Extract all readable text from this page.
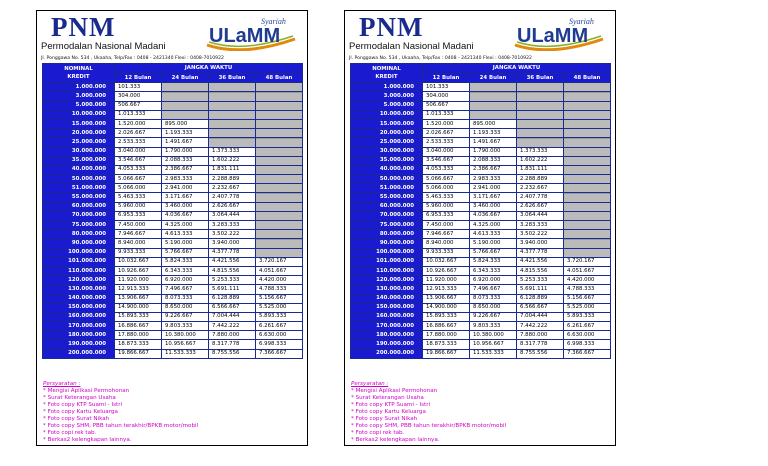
PNM
Permodalan Nasional Madani
Syariah
ULaMM
Jl. Ponggawa No. 534 , Ukaaha, Telp/Fax : 0408 - 2421340 Flexi : 0408-7010922
NOMINAL
KREDIT	JANGKA WAKTU			
	12 Bulan	24 Bulan	36 Bulan	48 Bulan
1.000.000	101.333			
3.000.000	304.000			
5.000.000	506.667			
10.000.000	1.013.333			
15.000.000	1.520.000	895.000		
20.000.000	2.026.667	1.193.333		
25.000.000	2.533.333	1.491.667		
30.000.000	3.040.000	1.790.000	1.373.333	
35.000.000	3.546.667	2.088.333	1.602.222	
40.000.000	4.053.333	2.386.667	1.831.111	
50.000.000	5.066.667	2.983.333	2.288.889	
51.000.000	5.066.000	2.941.000	2.232.667	
55.000.000	5.463.333	3.171.667	2.407.778	
60.000.000	5.960.000	3.460.000	2.626.667	
70.000.000	6.953.333	4.036.667	3.064.444	
75.000.000	7.450.000	4.325.000	3.283.333	
80.000.000	7.946.667	4.613.333	3.502.222	
90.000.000	8.940.000	5.190.000	3.940.000	
100.000.000	9.933.333	5.766.667	4.377.778	
101.000.000	10.032.667	5.824.333	4.421.556	3.720.167
110.000.000	10.926.667	6.343.333	4.815.556	4.051.667
120.000.000	11.920.000	6.920.000	5.253.333	4.420.000
130.000.000	12.913.333	7.496.667	5.691.111	4.788.333
140.000.000	13.906.667	8.073.333	6.128.889	5.156.667
150.000.000	14.900.000	8.650.000	6.566.667	5.525.000
160.000.000	15.893.333	9.226.667	7.004.444	5.893.333
170.000.000	16.886.667	9.803.333	7.442.222	6.261.667
180.000.000	17.880.000	10.380.000	7.880.000	6.630.000
190.000.000	18.873.333	10.956.667	8.317.778	6.998.333
200.000.000	19.866.667	11.533.333	8.755.556	7.366.667
Persyaratan :
* Mengisi Aplikasi Permohonan
* Surat Keterangan Usaha
* Foto copy KTP Suami - Istri
* Foto copy Kartu Keluarga
* Foto copy Surat Nikah
* Foto copy SHM, PBB tahun terakhir/BPKB motor/mobil
* Foto copi rek tab.
* Berkas2 kelengkapan lainnya.
PNM
Permodalan Nasional Madani
Syariah
ULaMM
Jl. Ponggawa No. 534 , Ukaaha, Telp/Fax : 0408 - 2421340 Flexi : 0408-7010922
NOMINAL
KREDIT	JANGKA WAKTU			
	12 Bulan	24 Bulan	36 Bulan	48 Bulan
1.000.000	101.333			
3.000.000	304.000			
5.000.000	506.667			
10.000.000	1.013.333			
15.000.000	1.520.000	895.000		
20.000.000	2.026.667	1.193.333		
25.000.000	2.533.333	1.491.667		
30.000.000	3.040.000	1.790.000	1.373.333	
35.000.000	3.546.667	2.088.333	1.602.222	
40.000.000	4.053.333	2.386.667	1.831.111	
50.000.000	5.066.667	2.983.333	2.288.889	
51.000.000	5.066.000	2.941.000	2.232.667	
55.000.000	5.463.333	3.171.667	2.407.778	
60.000.000	5.960.000	3.460.000	2.626.667	
70.000.000	6.953.333	4.036.667	3.064.444	
75.000.000	7.450.000	4.325.000	3.283.333	
80.000.000	7.946.667	4.613.333	3.502.222	
90.000.000	8.940.000	5.190.000	3.940.000	
100.000.000	9.933.333	5.766.667	4.377.778	
101.000.000	10.032.667	5.824.333	4.421.556	3.720.167
110.000.000	10.926.667	6.343.333	4.815.556	4.051.667
120.000.000	11.920.000	6.920.000	5.253.333	4.420.000
130.000.000	12.913.333	7.496.667	5.691.111	4.788.333
140.000.000	13.906.667	8.073.333	6.128.889	5.156.667
150.000.000	14.900.000	8.650.000	6.566.667	5.525.000
160.000.000	15.893.333	9.226.667	7.004.444	5.893.333
170.000.000	16.886.667	9.803.333	7.442.222	6.261.667
180.000.000	17.880.000	10.380.000	7.880.000	6.630.000
190.000.000	18.873.333	10.956.667	8.317.778	6.998.333
200.000.000	19.866.667	11.533.333	8.755.556	7.366.667
Persyaratan :
* Mengisi Aplikasi Permohonan
* Surat Keterangan Usaha
* Foto copy KTP Suami - Istri
* Foto copy Kartu Keluarga
* Foto copy Surat Nikah
* Foto copy SHM, PBB tahun terakhir/BPKB motor/mobil
* Foto copi rek tab.
* Berkas2 kelengkapan lainnya.
